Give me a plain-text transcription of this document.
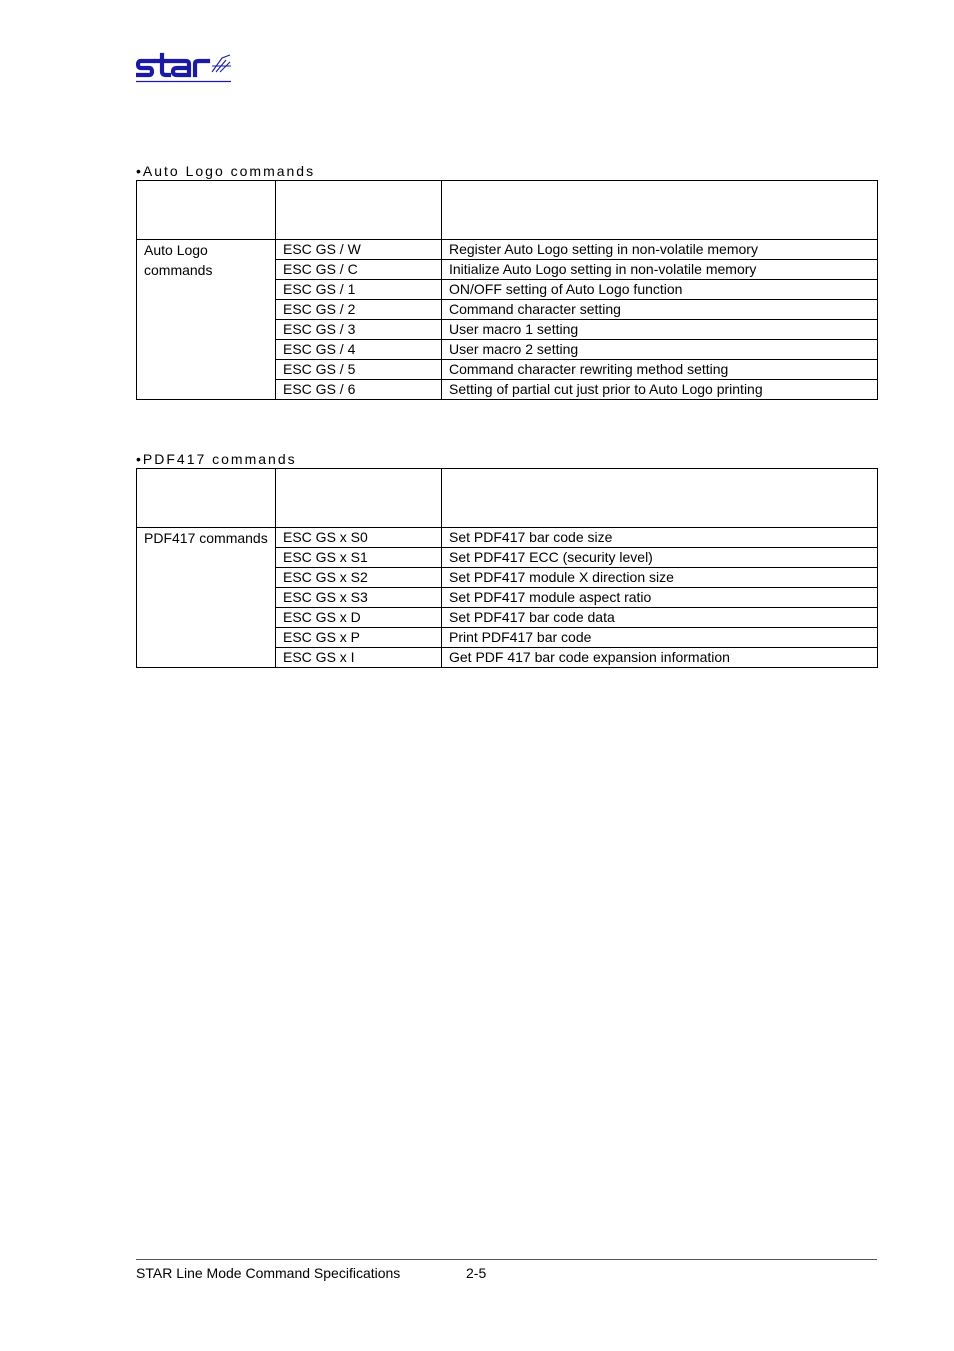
•Auto Logo commands

Auto Logo commands	ESC GS / W	Register Auto Logo setting in non-volatile memory
	ESC GS / C	Initialize Auto Logo setting in non-volatile memory
	ESC GS / 1	ON/OFF setting of Auto Logo function
	ESC GS / 2	Command character setting
	ESC GS / 3	User macro 1 setting
	ESC GS / 4	User macro 2 setting
	ESC GS / 5	Command character rewriting method setting
	ESC GS / 6	Setting of partial cut just prior to Auto Logo printing
•PDF417 commands

PDF417 commands	ESC GS x S0	Set PDF417 bar code size
	ESC GS x S1	Set PDF417 ECC (security level)
	ESC GS x S2	Set PDF417 module X direction size
	ESC GS x S3	Set PDF417 module aspect ratio
	ESC GS x D	Set PDF417 bar code data
	ESC GS x P	Print PDF417 bar code
	ESC GS x I	Get PDF 417 bar code expansion information
STAR Line Mode Command Specifications	2-5
